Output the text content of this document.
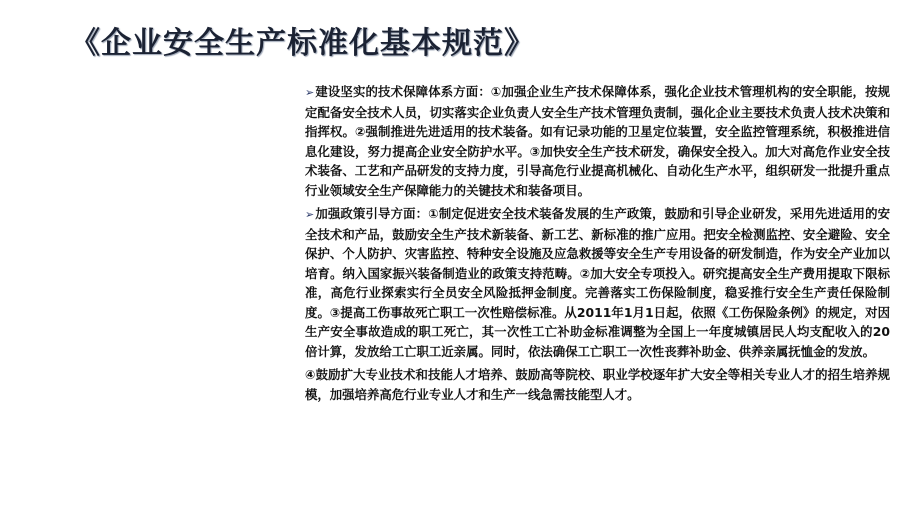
《企业安全生产标准化基本规范》

➢建设坚实的技术保障体系方面：①加强企业生产技术保障体系，强化企业技术管理机构的安全职能，按规定配备安全技术人员，切实落实企业负责人安全生产技术管理负责制，强化企业主要技术负责人技术决策和指挥权。②强制推进先进适用的技术装备。如有记录功能的卫星定位装置，安全监控管理系统，积极推进信息化建设，努力提高企业安全防护水平。③加快安全生产技术研发，确保安全投入。加大对高危作业安全技术装备、工艺和产品研发的支持力度，引导高危行业提高机械化、自动化生产水平，组织研发一批提升重点行业领域安全生产保障能力的关键技术和装备项目。

➢加强政策引导方面：①制定促进安全技术装备发展的生产政策，鼓励和引导企业研发，采用先进适用的安全技术和产品，鼓励安全生产技术新装备、新工艺、新标准的推广应用。把安全检测监控、安全避险、安全保护、个人防护、灾害监控、特种安全设施及应急救援等安全生产专用设备的研发制造，作为安全产业加以培育。纳入国家振兴装备制造业的政策支持范畴。②加大安全专项投入。研究提高安全生产费用提取下限标准，高危行业探索实行全员安全风险抵押金制度。完善落实工伤保险制度，稳妥推行安全生产责任保险制度。③提高工伤事故死亡职工一次性赔偿标准。从2011年1月1日起，依照《工伤保险条例》的规定，对因生产安全事故造成的职工死亡，其一次性工亡补助金标准调整为全国上一年度城镇居民人均支配收入的20倍计算，发放给工亡职工近亲属。同时，依法确保工亡职工一次性丧葬补助金、供养亲属抚恤金的发放。

④鼓励扩大专业技术和技能人才培养、鼓励高等院校、职业学校逐年扩大安全等相关专业人才的招生培养规模，加强培养高危行业专业人才和生产一线急需技能型人才。
